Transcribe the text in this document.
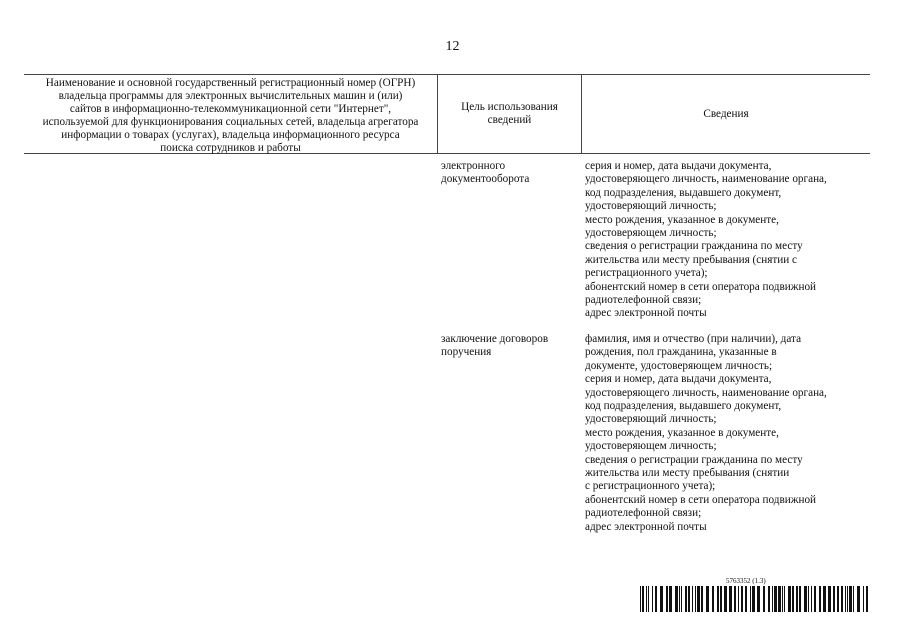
12
Наименование и основной государственный регистрационный номер (ОГРН)
владельца программы для электронных вычислительных машин и (или)
сайтов в информационно-телекоммуникационной сети "Интернет",
используемой для функционирования социальных сетей, владельца агрегатора
информации о товарах (услугах), владельца информационного ресурса
поиска сотрудников и работы
Цель использования
сведений
Сведения
электронного
документооборота
серия и номер, дата выдачи документа,
удостоверяющего личность, наименование органа,
код подразделения, выдавшего документ,
удостоверяющий личность;
место рождения, указанное в документе,
удостоверяющем личность;
сведения о регистрации гражданина по месту
жительства или месту пребывания (снятии с
регистрационного учета);
абонентский номер в сети оператора подвижной
радиотелефонной связи;
адрес электронной почты
заключение договоров
поручения
фамилия, имя и отчество (при наличии), дата
рождения, пол гражданина, указанные в
документе, удостоверяющем личность;
серия и номер, дата выдачи документа,
удостоверяющего личность, наименование органа,
код подразделения, выдавшего документ,
удостоверяющий личность;
место рождения, указанное в документе,
удостоверяющем личность;
сведения о регистрации гражданина по месту
жительства или месту пребывания (снятии
с регистрационного учета);
абонентский номер в сети оператора подвижной
радиотелефонной связи;
адрес электронной почты
5763352 (1.3)
